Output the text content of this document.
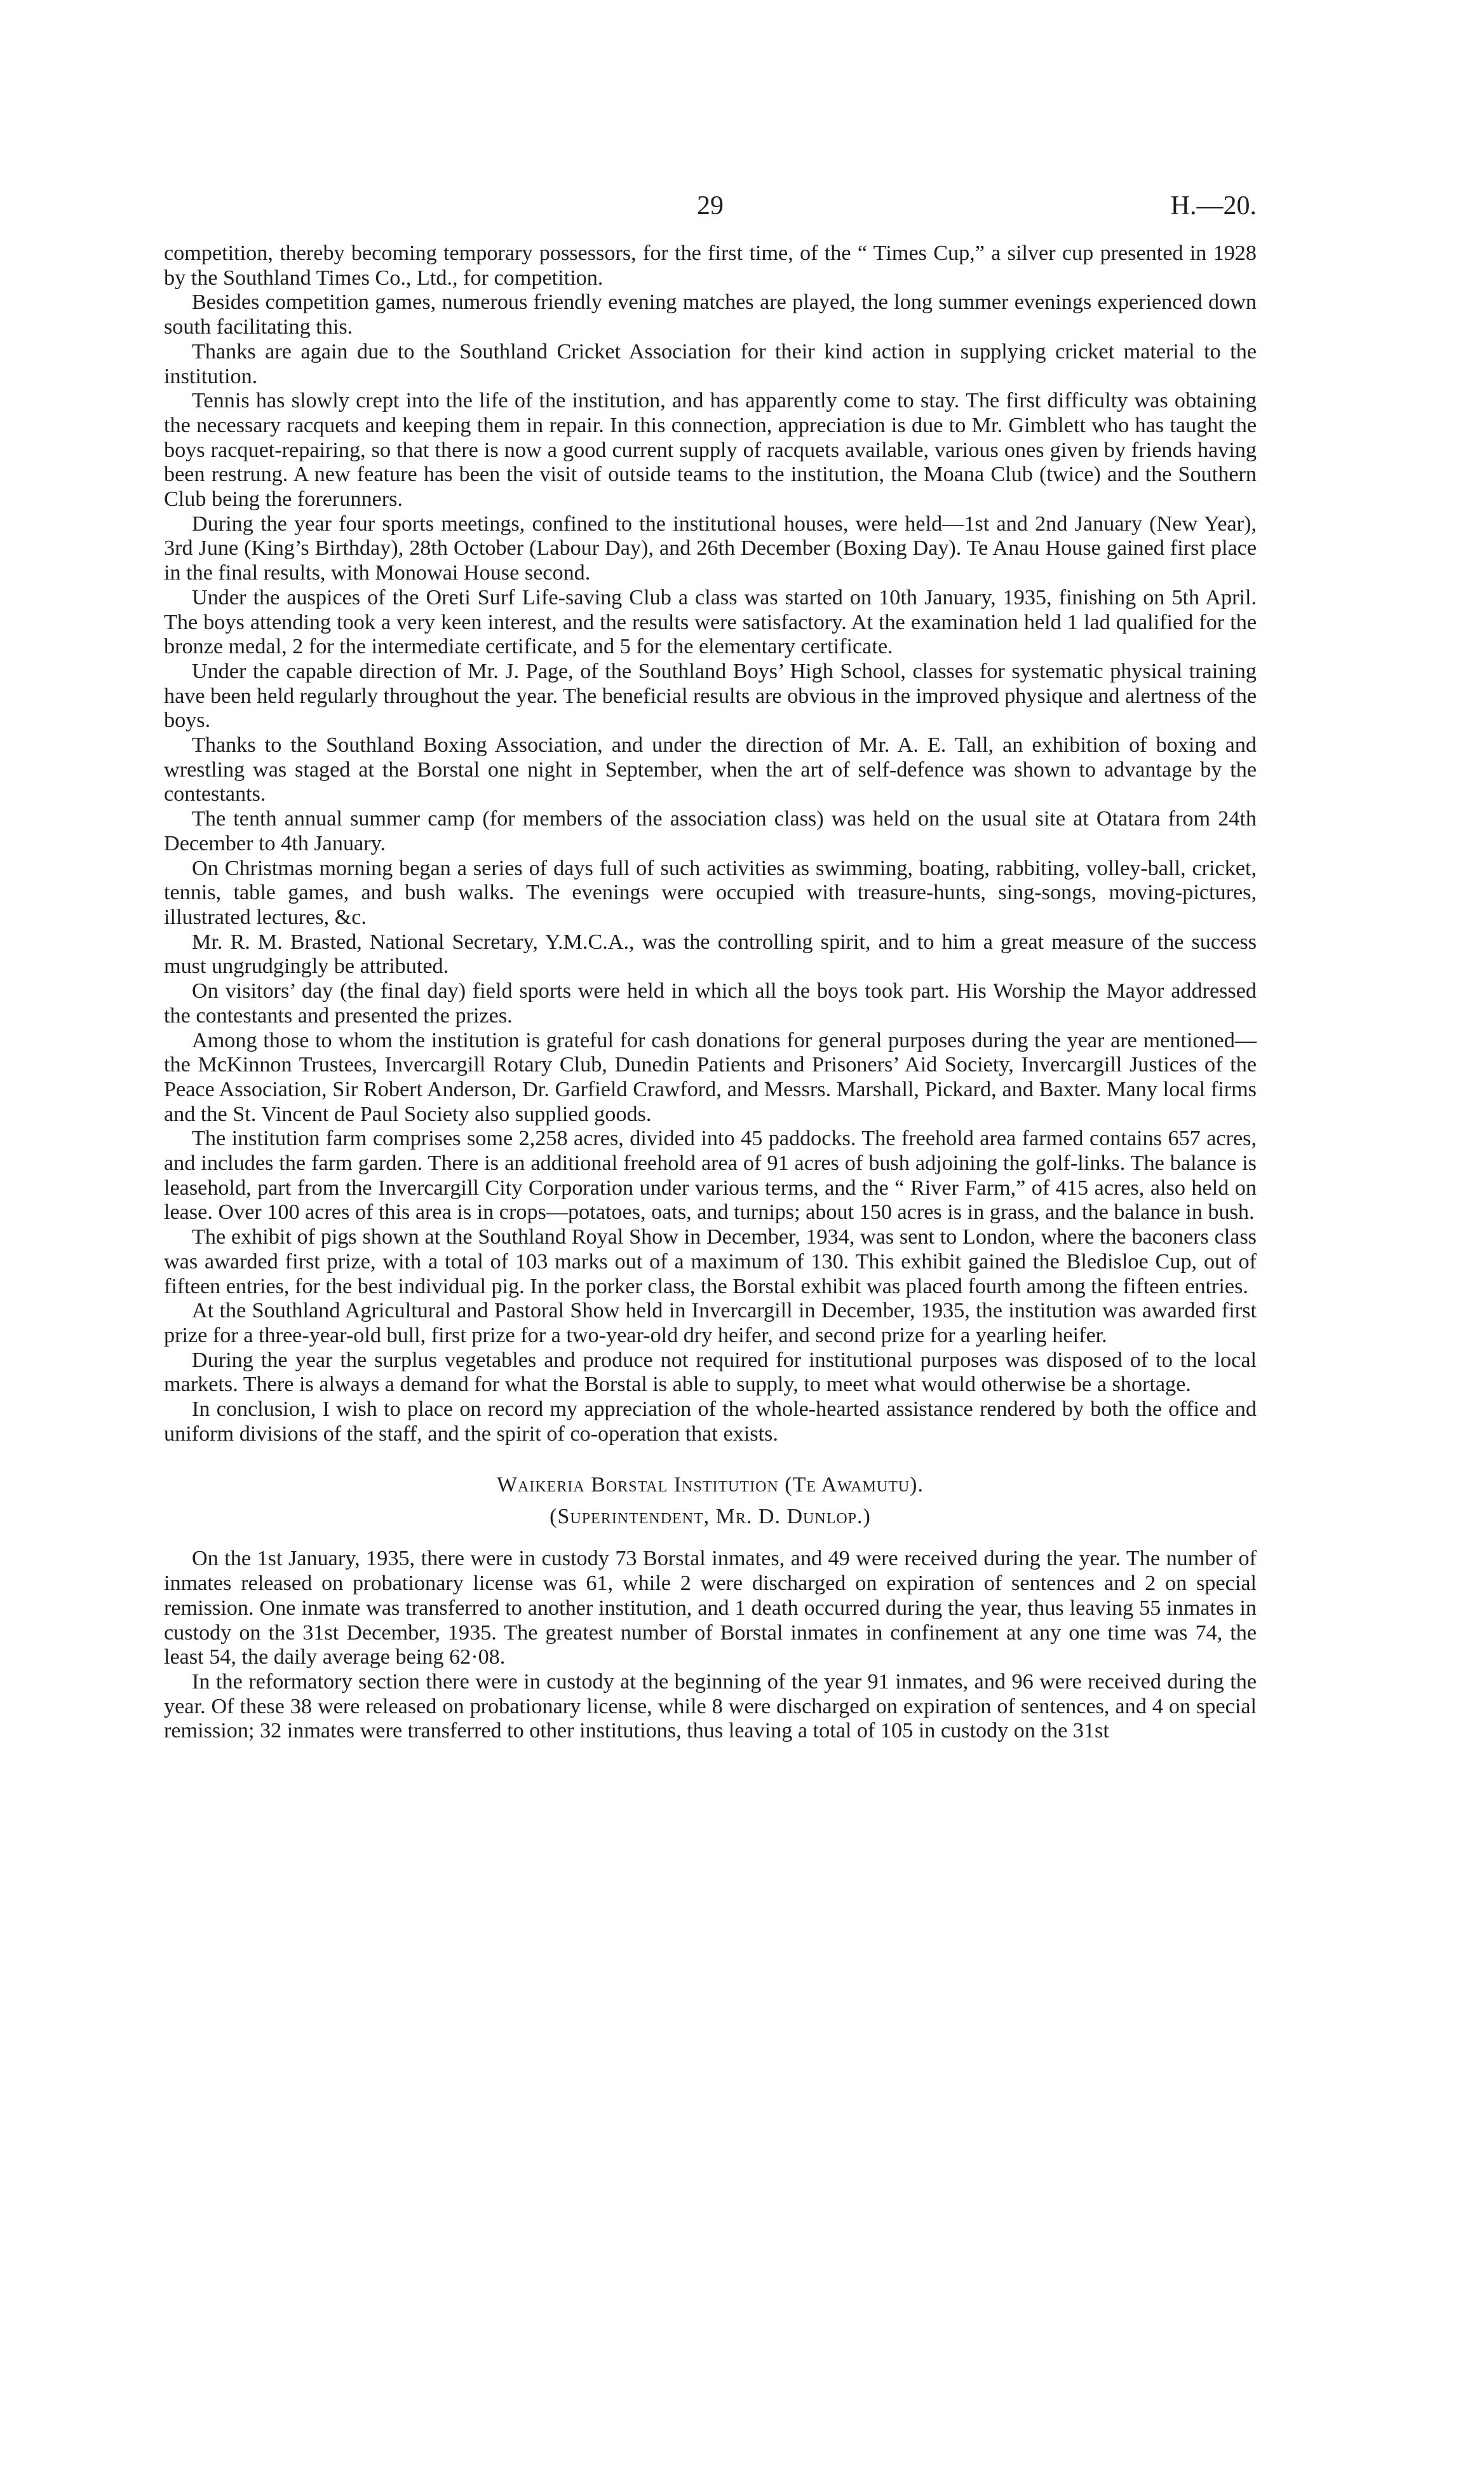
29	H.—20.

competition, thereby becoming temporary possessors, for the first time, of the “ Times Cup,” a silver cup presented in 1928 by the Southland Times Co., Ltd., for competition.

Besides competition games, numerous friendly evening matches are played, the long summer evenings experienced down south facilitating this.

Thanks are again due to the Southland Cricket Association for their kind action in supplying cricket material to the institution.

Tennis has slowly crept into the life of the institution, and has apparently come to stay. The first difficulty was obtaining the necessary racquets and keeping them in repair. In this connection, appreciation is due to Mr. Gimblett who has taught the boys racquet-repairing, so that there is now a good current supply of racquets available, various ones given by friends having been restrung. A new feature has been the visit of outside teams to the institution, the Moana Club (twice) and the Southern Club being the forerunners.

During the year four sports meetings, confined to the institutional houses, were held—1st and 2nd January (New Year), 3rd June (King’s Birthday), 28th October (Labour Day), and 26th December (Boxing Day). Te Anau House gained first place in the final results, with Monowai House second.

Under the auspices of the Oreti Surf Life-saving Club a class was started on 10th January, 1935, finishing on 5th April. The boys attending took a very keen interest, and the results were satisfactory. At the examination held 1 lad qualified for the bronze medal, 2 for the intermediate certificate, and 5 for the elementary certificate.

Under the capable direction of Mr. J. Page, of the Southland Boys’ High School, classes for systematic physical training have been held regularly throughout the year. The beneficial results are obvious in the improved physique and alertness of the boys.

Thanks to the Southland Boxing Association, and under the direction of Mr. A. E. Tall, an exhibition of boxing and wrestling was staged at the Borstal one night in September, when the art of self-defence was shown to advantage by the contestants.

The tenth annual summer camp (for members of the association class) was held on the usual site at Otatara from 24th December to 4th January.

On Christmas morning began a series of days full of such activities as swimming, boating, rabbiting, volley-ball, cricket, tennis, table games, and bush walks. The evenings were occupied with treasure-hunts, sing-songs, moving-pictures, illustrated lectures, &c.

Mr. R. M. Brasted, National Secretary, Y.M.C.A., was the controlling spirit, and to him a great measure of the success must ungrudgingly be attributed.

On visitors’ day (the final day) field sports were held in which all the boys took part. His Worship the Mayor addressed the contestants and presented the prizes.

Among those to whom the institution is grateful for cash donations for general purposes during the year are mentioned—the McKinnon Trustees, Invercargill Rotary Club, Dunedin Patients and Prisoners’ Aid Society, Invercargill Justices of the Peace Association, Sir Robert Anderson, Dr. Garfield Crawford, and Messrs. Marshall, Pickard, and Baxter. Many local firms and the St. Vincent de Paul Society also supplied goods.

The institution farm comprises some 2,258 acres, divided into 45 paddocks. The freehold area farmed contains 657 acres, and includes the farm garden. There is an additional freehold area of 91 acres of bush adjoining the golf-links. The balance is leasehold, part from the Invercargill City Corporation under various terms, and the “ River Farm,” of 415 acres, also held on lease. Over 100 acres of this area is in crops—potatoes, oats, and turnips; about 150 acres is in grass, and the balance in bush.

The exhibit of pigs shown at the Southland Royal Show in December, 1934, was sent to London, where the baconers class was awarded first prize, with a total of 103 marks out of a maximum of 130. This exhibit gained the Bledisloe Cup, out of fifteen entries, for the best individual pig. In the porker class, the Borstal exhibit was placed fourth among the fifteen entries.

At the Southland Agricultural and Pastoral Show held in Invercargill in December, 1935, the institution was awarded first prize for a three-year-old bull, first prize for a two-year-old dry heifer, and second prize for a yearling heifer.

During the year the surplus vegetables and produce not required for institutional purposes was disposed of to the local markets. There is always a demand for what the Borstal is able to supply, to meet what would otherwise be a shortage.

In conclusion, I wish to place on record my appreciation of the whole-hearted assistance rendered by both the office and uniform divisions of the staff, and the spirit of co-operation that exists.

Waikeria Borstal Institution (Te Awamutu).
(Superintendent, Mr. D. Dunlop.)

On the 1st January, 1935, there were in custody 73 Borstal inmates, and 49 were received during the year. The number of inmates released on probationary license was 61, while 2 were discharged on expiration of sentences and 2 on special remission. One inmate was transferred to another institution, and 1 death occurred during the year, thus leaving 55 inmates in custody on the 31st December, 1935. The greatest number of Borstal inmates in confinement at any one time was 74, the least 54, the daily average being 62·08.

In the reformatory section there were in custody at the beginning of the year 91 inmates, and 96 were received during the year. Of these 38 were released on probationary license, while 8 were discharged on expiration of sentences, and 4 on special remission; 32 inmates were transferred to other institutions, thus leaving a total of 105 in custody on the 31st
